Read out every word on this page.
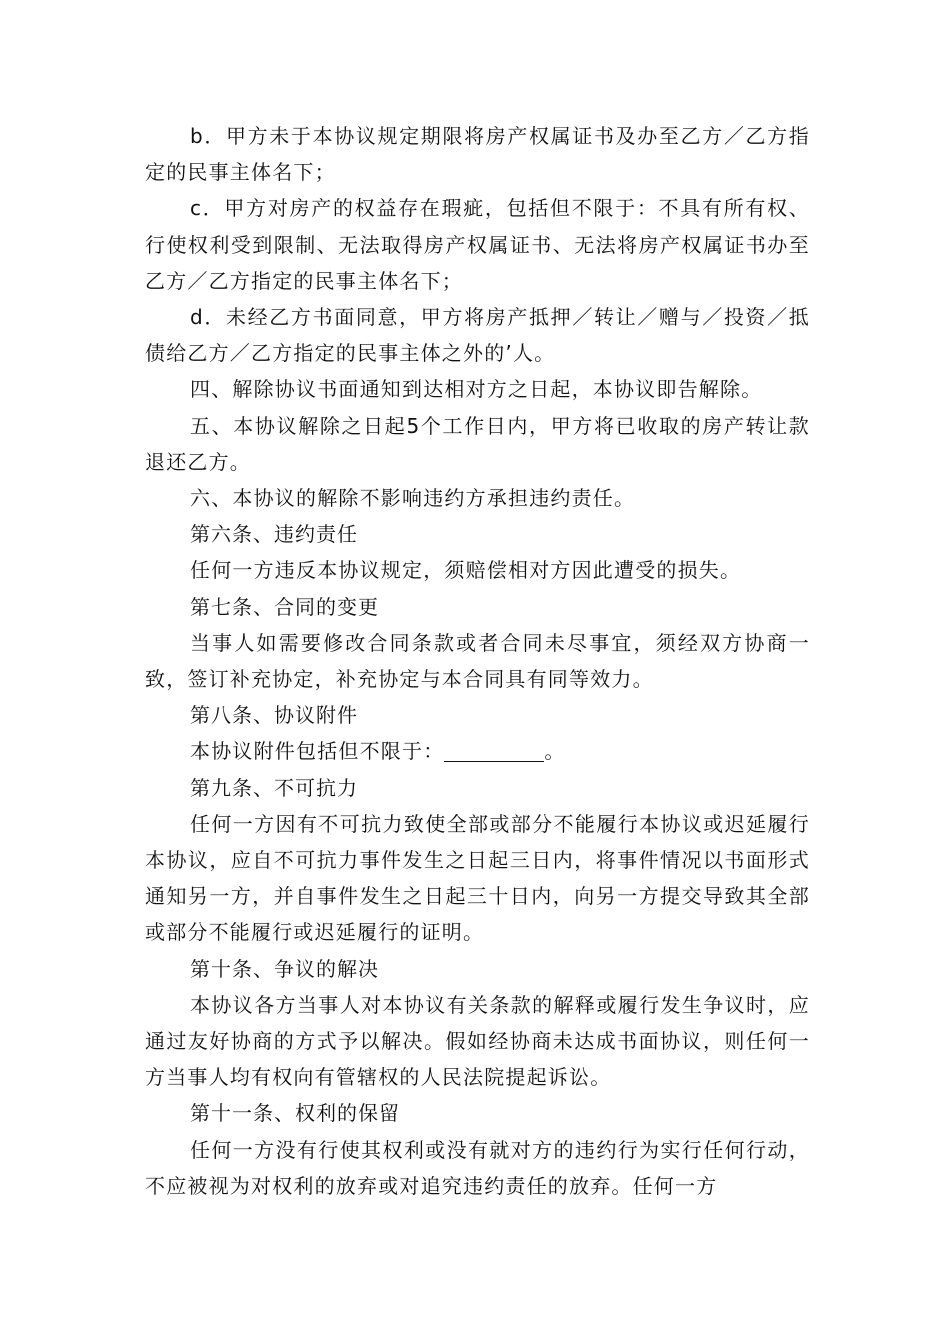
b．甲方未于本协议规定期限将房产权属证书及办至乙方／乙方指定的民事主体名下；

c．甲方对房产的权益存在瑕疵，包括但不限于：不具有所有权、行使权利受到限制、无法取得房产权属证书、无法将房产权属证书办至乙方／乙方指定的民事主体名下；

d．未经乙方书面同意，甲方将房产抵押／转让／赠与／投资／抵债给乙方／乙方指定的民事主体之外的’人。

四、解除协议书面通知到达相对方之日起，本协议即告解除。

五、本协议解除之日起5个工作日内，甲方将已收取的房产转让款退还乙方。

六、本协议的解除不影响违约方承担违约责任。

第六条、违约责任

任何一方违反本协议规定，须赔偿相对方因此遭受的损失。

第七条、合同的变更

当事人如需要修改合同条款或者合同未尽事宜，须经双方协商一致，签订补充协定，补充协定与本合同具有同等效力。

第八条、协议附件

本协议附件包括但不限于：	。

第九条、不可抗力

任何一方因有不可抗力致使全部或部分不能履行本协议或迟延履行本协议，应自不可抗力事件发生之日起三日内，将事件情况以书面形式通知另一方，并自事件发生之日起三十日内，向另一方提交导致其全部或部分不能履行或迟延履行的证明。

第十条、争议的解决

本协议各方当事人对本协议有关条款的解释或履行发生争议时，应通过友好协商的方式予以解决。假如经协商未达成书面协议，则任何一方当事人均有权向有管辖权的人民法院提起诉讼。

第十一条、权利的保留

任何一方没有行使其权利或没有就对方的违约行为实行任何行动，不应被视为对权利的放弃或对追究违约责任的放弃。任何一方
